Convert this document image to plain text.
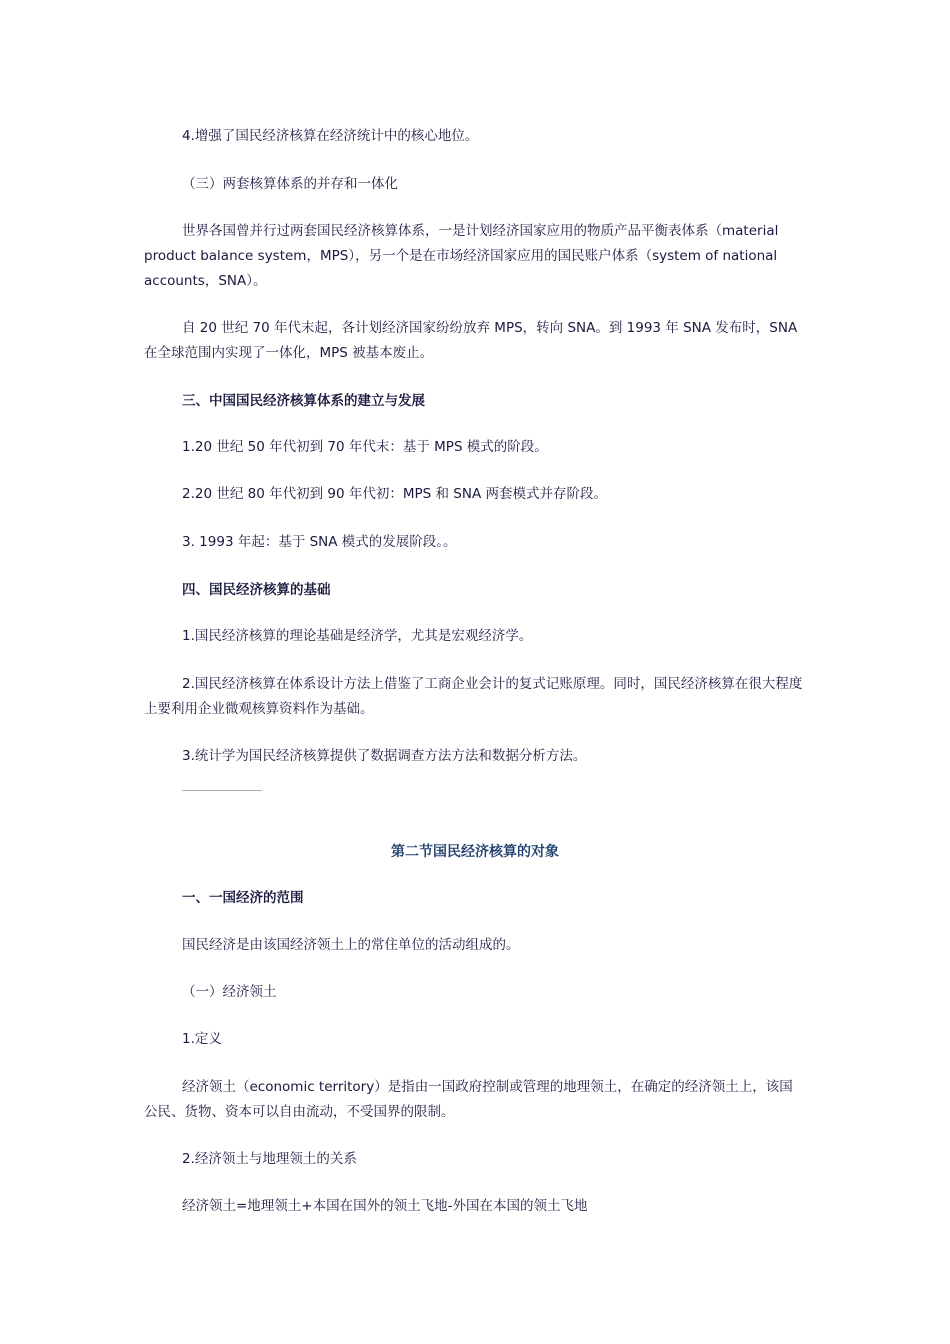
4.增强了国民经济核算在经济统计中的核心地位。

（三）两套核算体系的并存和一体化

世界各国曾并行过两套国民经济核算体系，一是计划经济国家应用的物质产品平衡表体系（material product balance system，MPS），另一个是在市场经济国家应用的国民账户体系（system of national accounts，SNA）。

自 20 世纪 70 年代末起，各计划经济国家纷纷放弃 MPS，转向 SNA。到 1993 年 SNA 发布时，SNA 在全球范围内实现了一体化，MPS 被基本废止。

三、中国国民经济核算体系的建立与发展

1.20 世纪 50 年代初到 70 年代末：基于 MPS 模式的阶段。

2.20 世纪 80 年代初到 90 年代初：MPS 和 SNA 两套模式并存阶段。

3. 1993 年起：基于 SNA 模式的发展阶段。。

四、国民经济核算的基础

1.国民经济核算的理论基础是经济学，尤其是宏观经济学。

2.国民经济核算在体系设计方法上借鉴了工商企业会计的复式记账原理。同时，国民经济核算在很大程度上要利用企业微观核算资料作为基础。

3.统计学为国民经济核算提供了数据调查方法方法和数据分析方法。

第二节国民经济核算的对象

一、一国经济的范围

国民经济是由该国经济领土上的常住单位的活动组成的。

（一）经济领土

1.定义

经济领土（economic territory）是指由一国政府控制或管理的地理领土，在确定的经济领土上，该国公民、货物、资本可以自由流动，不受国界的限制。

2.经济领土与地理领土的关系

经济领土=地理领土+本国在国外的领土飞地-外国在本国的领土飞地
